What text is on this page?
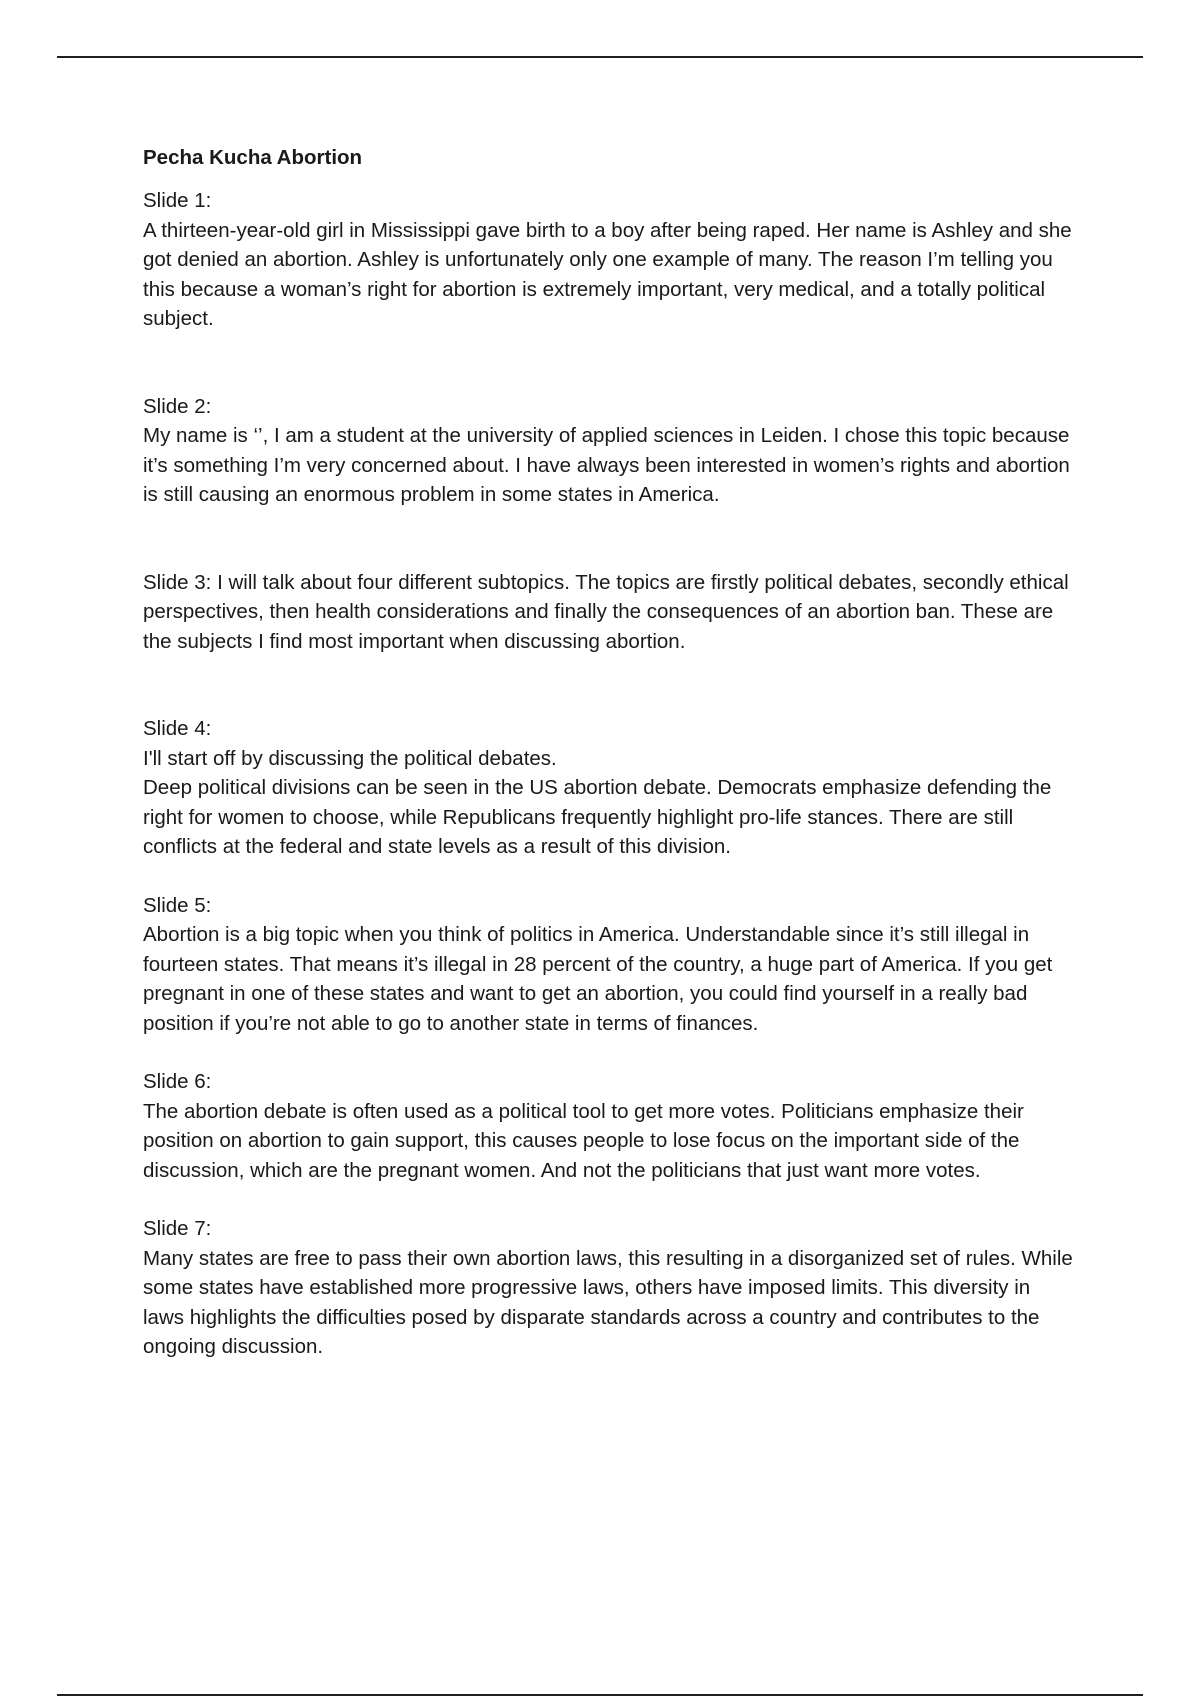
Pecha Kucha Abortion

Slide 1:

A thirteen-year-old girl in Mississippi gave birth to a boy after being raped. Her name is Ashley and she got denied an abortion. Ashley is unfortunately only one example of many. The reason I’m telling you this because a woman’s right for abortion is extremely important, very medical, and a totally political subject.

Slide 2:

My name is ‘’, I am a student at the university of applied sciences in Leiden. I chose this topic because it’s something I’m very concerned about. I have always been interested in women’s rights and abortion is still causing an enormous problem in some states in America.

Slide 3: I will talk about four different subtopics. The topics are firstly political debates, secondly ethical perspectives, then health considerations and finally the consequences of an abortion ban. These are the subjects I find most important when discussing abortion.

Slide 4:

I'll start off by discussing the political debates.

Deep political divisions can be seen in the US abortion debate. Democrats emphasize defending the right for women to choose, while Republicans frequently highlight pro-life stances. There are still conflicts at the federal and state levels as a result of this division.

Slide 5:

Abortion is a big topic when you think of politics in America. Understandable since it’s still illegal in fourteen states. That means it’s illegal in 28 percent of the country, a huge part of America. If you get pregnant in one of these states and want to get an abortion, you could find yourself in a really bad position if you’re not able to go to another state in terms of finances.

Slide 6:

The abortion debate is often used as a political tool to get more votes. Politicians emphasize their position on abortion to gain support, this causes people to lose focus on the important side of the discussion, which are the pregnant women. And not the politicians that just want more votes.

Slide 7:

Many states are free to pass their own abortion laws, this resulting in a disorganized set of rules. While some states have established more progressive laws, others have imposed limits. This diversity in laws highlights the difficulties posed by disparate standards across a country and contributes to the ongoing discussion.
